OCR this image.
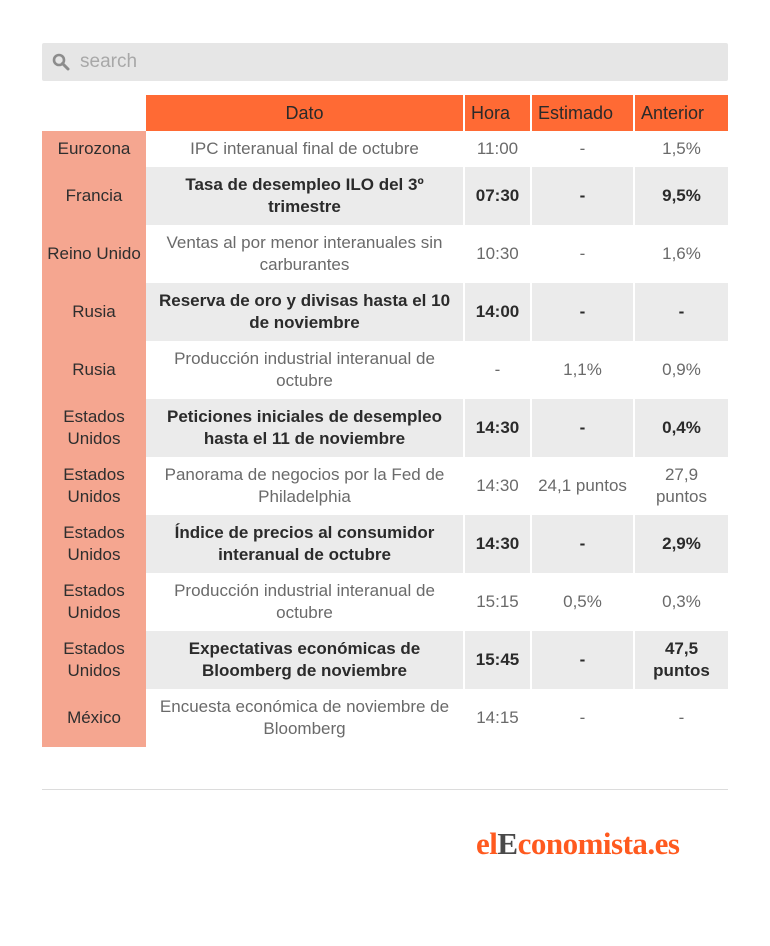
search
	Dato	Hora	Estimado	Anterior
Eurozona	IPC interanual final de octubre	11:00	-	1,5%
Francia	Tasa de desempleo ILO del 3º trimestre	07:30	-	9,5%
Reino Unido	Ventas al por menor interanuales sin carburantes	10:30	-	1,6%
Rusia	Reserva de oro y divisas hasta el 10 de noviembre	14:00	-	-
Rusia	Producción industrial interanual de octubre	-	1,1%	0,9%
Estados Unidos	Peticiones iniciales de desempleo hasta el 11 de noviembre	14:30	-	0,4%
Estados Unidos	Panorama de negocios por la Fed de Philadelphia	14:30	24,1 puntos	27,9 puntos
Estados Unidos	Índice de precios al consumidor interanual de octubre	14:30	-	2,9%
Estados Unidos	Producción industrial interanual de octubre	15:15	0,5%	0,3%
Estados Unidos	Expectativas económicas de Bloomberg de noviembre	15:45	-	47,5 puntos
México	Encuesta económica de noviembre de Bloomberg	14:15	-	-
elEconomista.es
